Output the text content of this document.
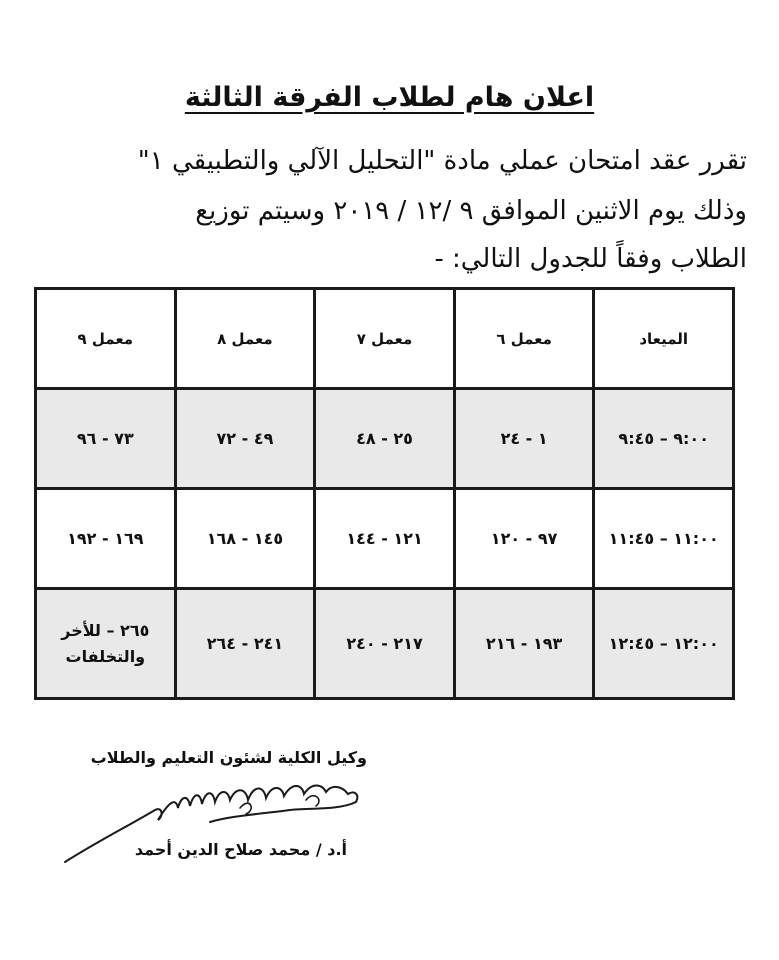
اعلان هام لطلاب الفرقة الثالثة
تقرر عقد امتحان عملي مادة "التحليل الآلي والتطبيقي ١"
وذلك يوم الاثنين الموافق ٩ /١٢ / ٢٠١٩ وسيتم توزيع
الطلاب وفقاً للجدول التالي: -
الميعاد	معمل ٦	معمل ٧	معمل ٨	معمل ٩
٩:٠٠ – ٩:٤٥	١ - ٢٤	٢٥ - ٤٨	٤٩ - ٧٢	٧٣ - ٩٦
١١:٠٠ – ١١:٤٥	٩٧ - ١٢٠	١٢١ - ١٤٤	١٤٥ - ١٦٨	١٦٩ - ١٩٢
١٢:٠٠ – ١٢:٤٥	١٩٣ - ٢١٦	٢١٧ - ٢٤٠	٢٤١ - ٢٦٤	٢٦٥ – للأخر والتخلفات
وكيل الكلية لشئون التعليم والطلاب
أ.د / محمد صلاح الدين أحمد
